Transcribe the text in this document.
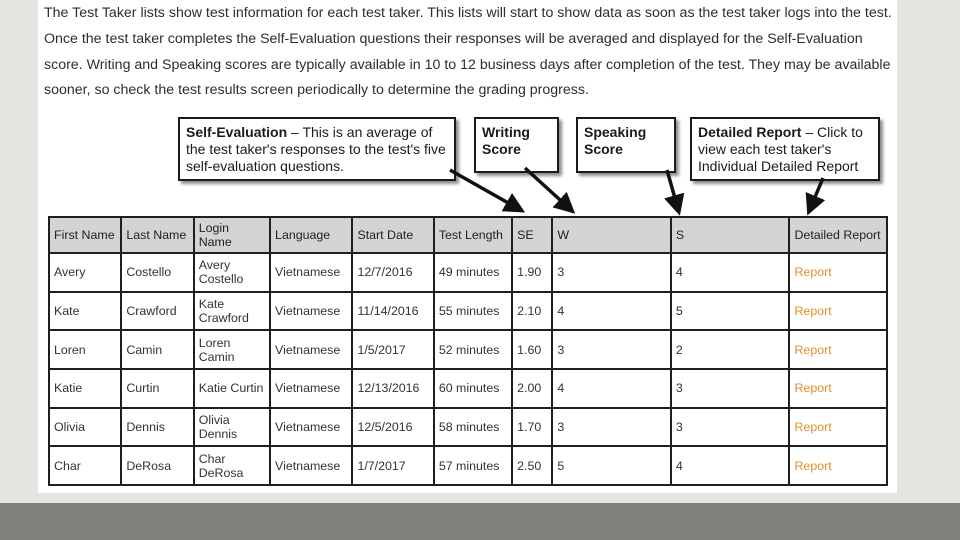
The Test Taker lists show test information for each test taker. This lists will start to show data as soon as the test taker logs into the test. Once the test taker completes the Self-Evaluation questions their responses will be averaged and displayed for the Self-Evaluation score. Writing and Speaking scores are typically available in 10 to 12 business days after completion of the test. They may be available sooner, so check the test results screen periodically to determine the grading progress.

Self-Evaluation – This is an average of the test taker's responses to the test's five self-evaluation questions.
Writing Score
Speaking Score
Detailed Report – Click to view each test taker's Individual Detailed Report
First Name	Last Name	Login Name	Language	Start Date	Test Length	SE	W	S	Detailed Report
Avery	Costello	Avery Costello	Vietnamese	12/7/2016	49 minutes	1.90	3	4	Report
Kate	Crawford	Kate Crawford	Vietnamese	11/14/2016	55 minutes	2.10	4	5	Report
Loren	Camin	Loren Camin	Vietnamese	1/5/2017	52 minutes	1.60	3	2	Report
Katie	Curtin	Katie Curtin	Vietnamese	12/13/2016	60 minutes	2.00	4	3	Report
Olivia	Dennis	Olivia Dennis	Vietnamese	12/5/2016	58 minutes	1.70	3	3	Report
Char	DeRosa	Char DeRosa	Vietnamese	1/7/2017	57 minutes	2.50	5	4	Report
